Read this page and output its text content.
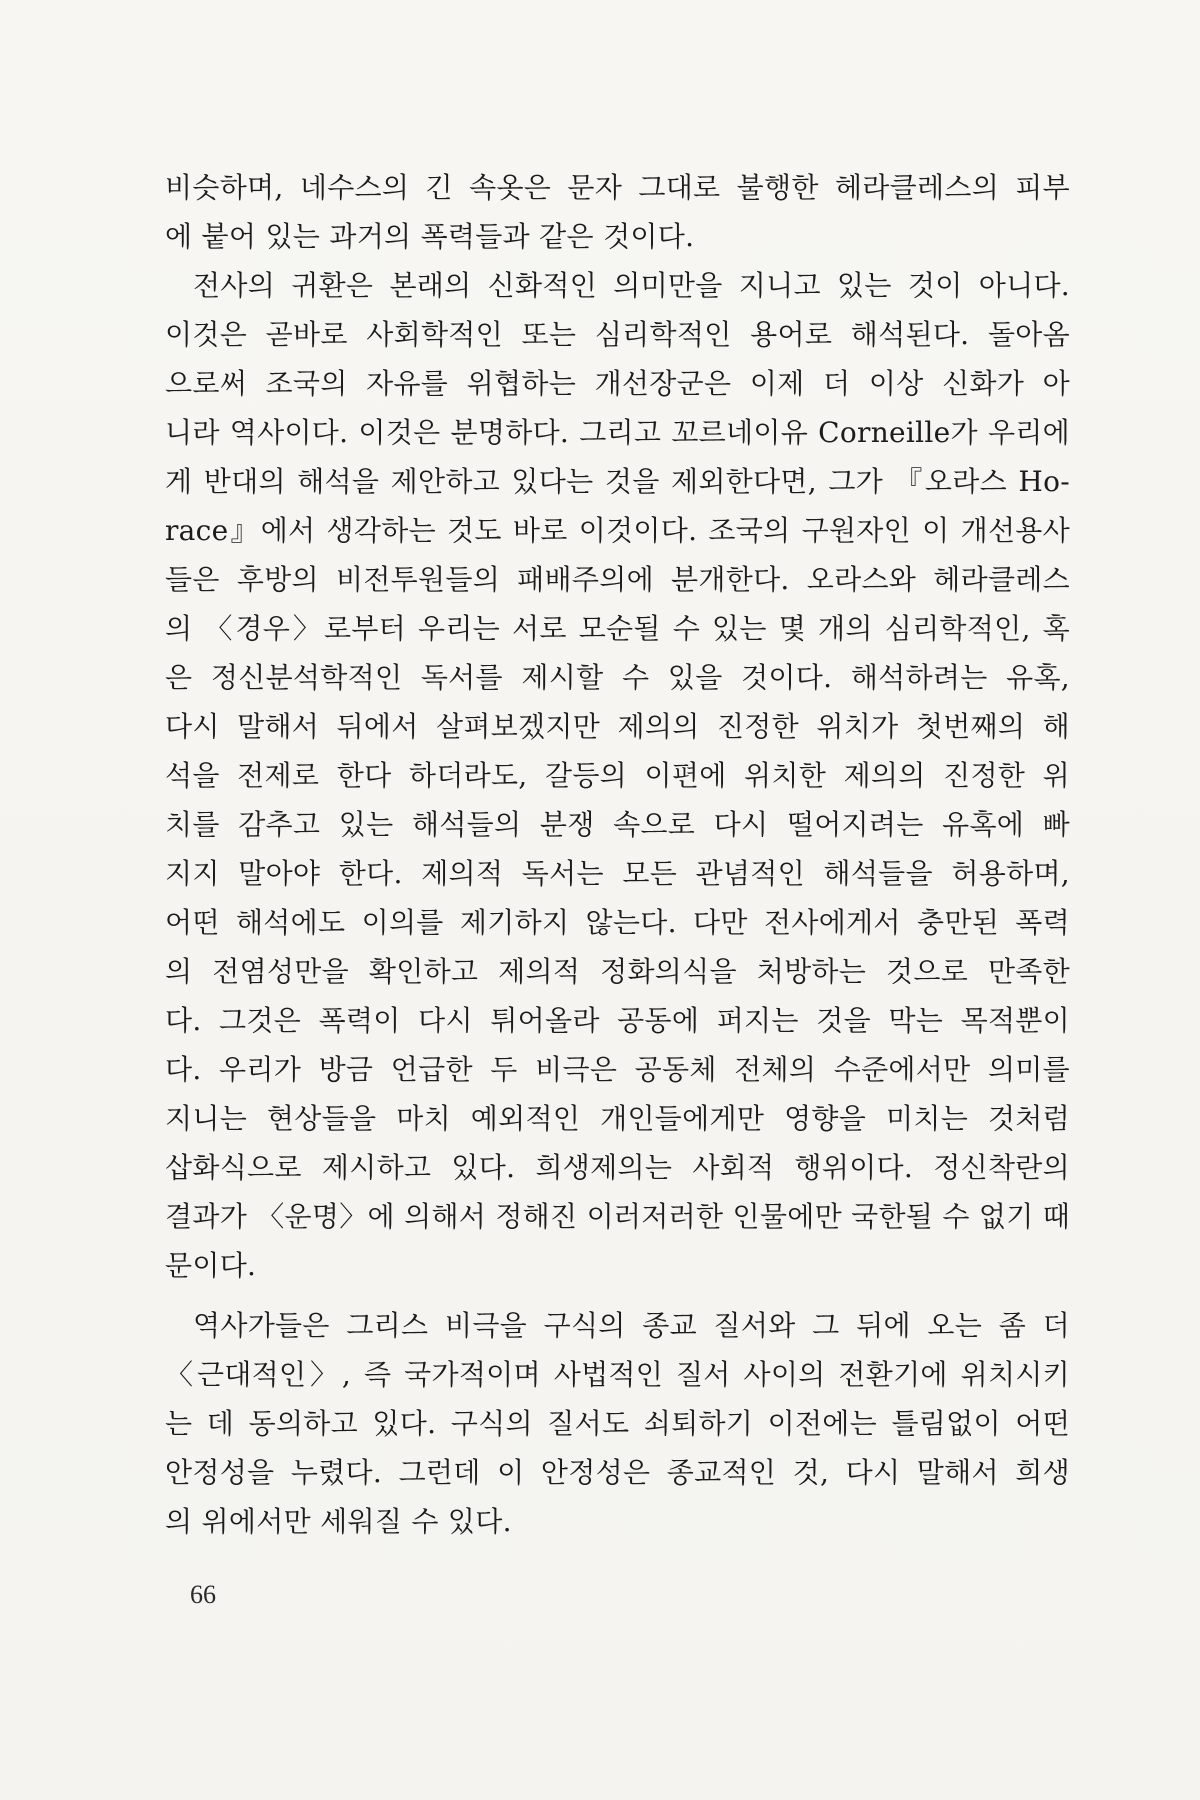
비슷하며, 네수스의 긴 속옷은 문자 그대로 불행한 헤라클레스의 피부
에 붙어 있는 과거의 폭력들과 같은 것이다.
전사의 귀환은 본래의 신화적인 의미만을 지니고 있는 것이 아니다.
이것은 곧바로 사회학적인 또는 심리학적인 용어로 해석된다. 돌아옴
으로써 조국의 자유를 위협하는 개선장군은 이제 더 이상 신화가 아
니라 역사이다. 이것은 분명하다. 그리고 꼬르네이유 Corneille가 우리에
게 반대의 해석을 제안하고 있다는 것을 제외한다면, 그가 『오라스 Ho-
race』에서 생각하는 것도 바로 이것이다. 조국의 구원자인 이 개선용사
들은 후방의 비전투원들의 패배주의에 분개한다. 오라스와 헤라클레스
의 〈경우〉로부터 우리는 서로 모순될 수 있는 몇 개의 심리학적인, 혹
은 정신분석학적인 독서를 제시할 수 있을 것이다. 해석하려는 유혹,
다시 말해서 뒤에서 살펴보겠지만 제의의 진정한 위치가 첫번째의 해
석을 전제로 한다 하더라도, 갈등의 이편에 위치한 제의의 진정한 위
치를 감추고 있는 해석들의 분쟁 속으로 다시 떨어지려는 유혹에 빠
지지 말아야 한다. 제의적 독서는 모든 관념적인 해석들을 허용하며,
어떤 해석에도 이의를 제기하지 않는다. 다만 전사에게서 충만된 폭력
의 전염성만을 확인하고 제의적 정화의식을 처방하는 것으로 만족한
다. 그것은 폭력이 다시 튀어올라 공동에 퍼지는 것을 막는 목적뿐이
다. 우리가 방금 언급한 두 비극은 공동체 전체의 수준에서만 의미를
지니는 현상들을 마치 예외적인 개인들에게만 영향을 미치는 것처럼
삽화식으로 제시하고 있다. 희생제의는 사회적 행위이다. 정신착란의
결과가 〈운명〉에 의해서 정해진 이러저러한 인물에만 국한될 수 없기 때
문이다.
역사가들은 그리스 비극을 구식의 종교 질서와 그 뒤에 오는 좀 더
〈근대적인〉, 즉 국가적이며 사법적인 질서 사이의 전환기에 위치시키
는 데 동의하고 있다. 구식의 질서도 쇠퇴하기 이전에는 틀림없이 어떤
안정성을 누렸다. 그런데 이 안정성은 종교적인 것, 다시 말해서 희생
의 위에서만 세워질 수 있다.
66
